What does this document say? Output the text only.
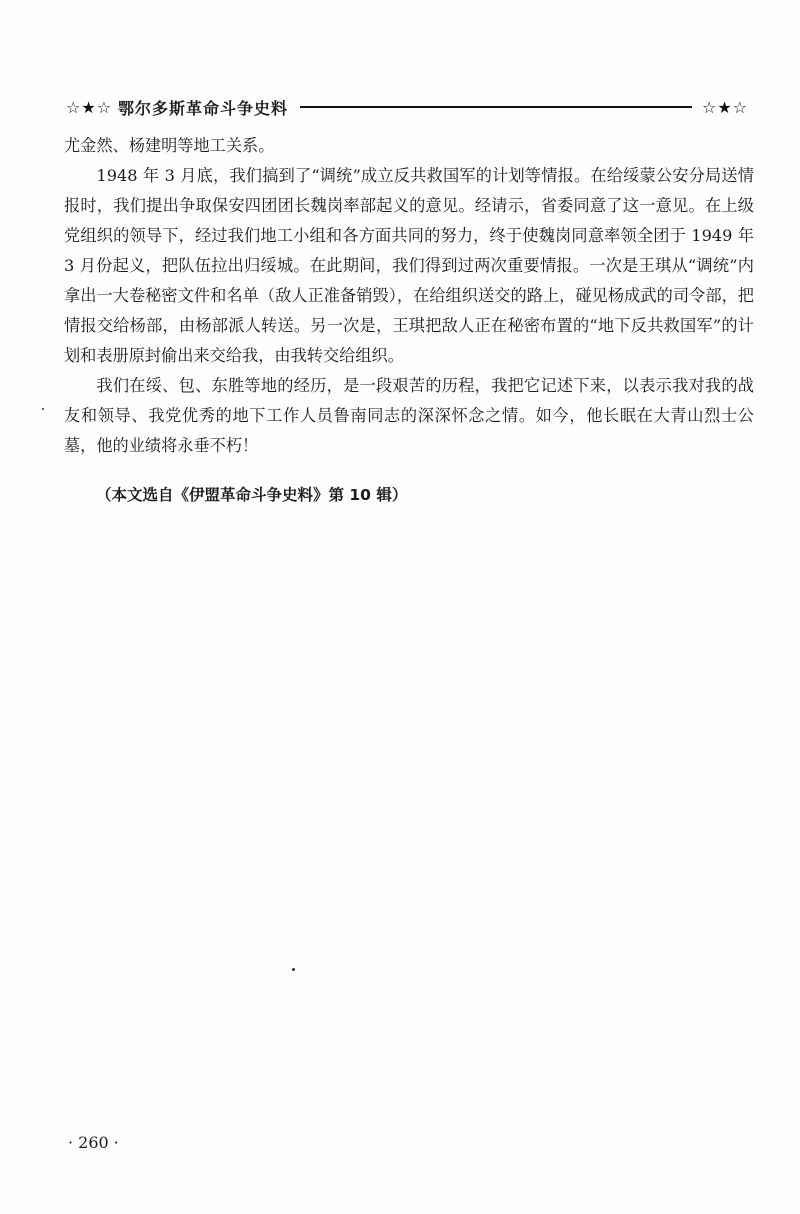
☆★☆ 鄂尔多斯革命斗争史料	☆★☆

尤金然、杨建明等地工关系。

1948 年 3 月底，我们搞到了“调统”成立反共救国军的计划等情报。在给绥蒙公安分局送情报时，我们提出争取保安四团团长魏岗率部起义的意见。经请示，省委同意了这一意见。在上级党组织的领导下，经过我们地工小组和各方面共同的努力，终于使魏岗同意率领全团于 1949 年 3 月份起义，把队伍拉出归绥城。在此期间，我们得到过两次重要情报。一次是王琪从“调统”内拿出一大卷秘密文件和名单（敌人正准备销毁），在给组织送交的路上，碰见杨成武的司令部，把情报交给杨部，由杨部派人转送。另一次是，王琪把敌人正在秘密布置的“地下反共救国军”的计划和表册原封偷出来交给我，由我转交给组织。

我们在绥、包、东胜等地的经历，是一段艰苦的历程，我把它记述下来，以表示我对我的战友和领导、我党优秀的地下工作人员鲁南同志的深深怀念之情。如今，他长眠在大青山烈士公墓，他的业绩将永垂不朽！

（本文选自《伊盟革命斗争史料》第 10 辑）
· 260 ·
